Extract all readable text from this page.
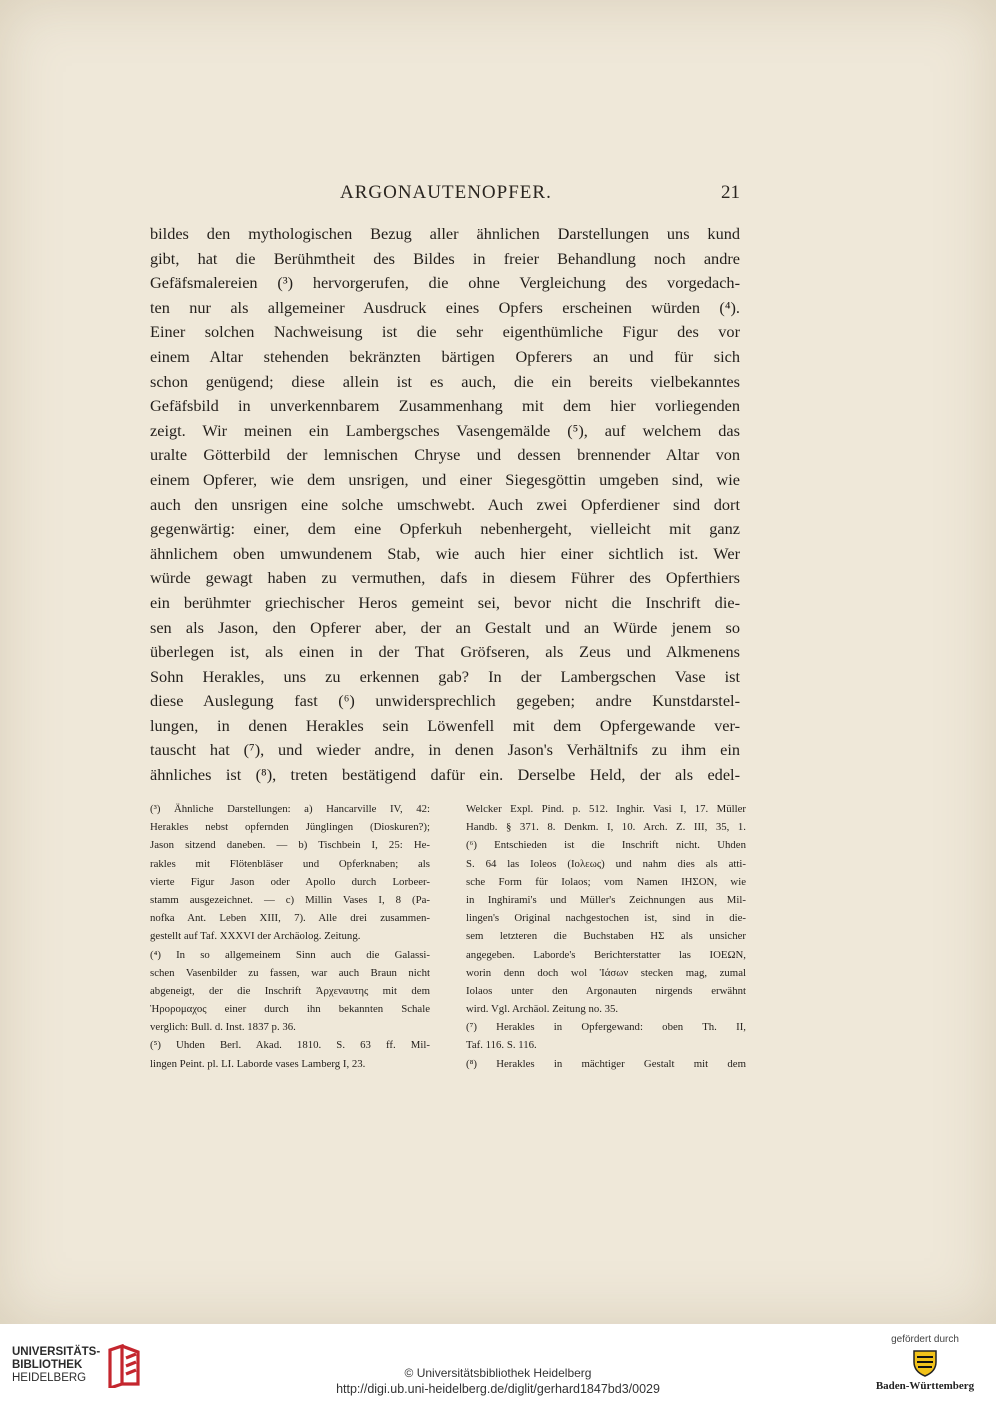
ARGONAUTENOPFER.	21
bildes den mythologischen Bezug aller ähnlichen Darstellungen uns kund
gibt, hat die Berühmtheit des Bildes in freier Behandlung noch andre
Gefäfsmalereien (³) hervorgerufen, die ohne Vergleichung des vorgedach-
ten nur als allgemeiner Ausdruck eines Opfers erscheinen würden (⁴).
Einer solchen Nachweisung ist die sehr eigenthümliche Figur des vor
einem Altar stehenden bekränzten bärtigen Opferers an und für sich
schon genügend; diese allein ist es auch, die ein bereits vielbekanntes
Gefäfsbild in unverkennbarem Zusammenhang mit dem hier vorliegenden
zeigt. Wir meinen ein Lambergsches Vasengemälde (⁵), auf welchem das
uralte Götterbild der lemnischen Chryse und dessen brennender Altar von
einem Opferer, wie dem unsrigen, und einer Siegesgöttin umgeben sind, wie
auch den unsrigen eine solche umschwebt. Auch zwei Opferdiener sind dort
gegenwärtig: einer, dem eine Opferkuh nebenhergeht, vielleicht mit ganz
ähnlichem oben umwundenem Stab, wie auch hier einer sichtlich ist. Wer
würde gewagt haben zu vermuthen, dafs in diesem Führer des Opferthiers
ein berühmter griechischer Heros gemeint sei, bevor nicht die Inschrift die-
sen als Jason, den Opferer aber, der an Gestalt und an Würde jenem so
überlegen ist, als einen in der That Gröfseren, als Zeus und Alkmenens
Sohn Herakles, uns zu erkennen gab? In der Lambergschen Vase ist
diese Auslegung fast (⁶) unwidersprechlich gegeben; andre Kunstdarstel-
lungen, in denen Herakles sein Löwenfell mit dem Opfergewande ver-
tauscht hat (⁷), und wieder andre, in denen Jason's Verhältnifs zu ihm ein
ähnliches ist (⁸), treten bestätigend dafür ein. Derselbe Held, der als edel-
(³) Ähnliche Darstellungen: a) Hancarville IV, 42:
Herakles nebst opfernden Jünglingen (Dioskuren?);
Jason sitzend daneben. — b) Tischbein I, 25: He-
rakles mit Flötenbläser und Opferknaben; als
vierte Figur Jason oder Apollo durch Lorbeer-
stamm ausgezeichnet. — c) Millin Vases I, 8 (Pa-
nofka Ant. Leben XIII, 7). Alle drei zusammen-
gestellt auf Taf. XXXVI der Archäolog. Zeitung.
(⁴) In so allgemeinem Sinn auch die Galassi-
schen Vasenbilder zu fassen, war auch Braun nicht
abgeneigt, der die Inschrift Ἀρχεναυτης mit dem
Ἡρορομαχος einer durch ihn bekannten Schale
verglich: Bull. d. Inst. 1837 p. 36.
(⁵) Uhden Berl. Akad. 1810. S. 63 ff. Mil-
lingen Peint. pl. LI. Laborde vases Lamberg I, 23.
Welcker Expl. Pind. p. 512. Inghir. Vasi I, 17. Müller
Handb. § 371. 8. Denkm. I, 10. Arch. Z. III, 35, 1.
(⁶) Entschieden ist die Inschrift nicht. Uhden
S. 64 las Ioleos (Ιολεως) und nahm dies als atti-
sche Form für Iolaos; vom Namen ΙΗΣΟΝ, wie
in Inghirami's und Müller's Zeichnungen aus Mil-
lingen's Original nachgestochen ist, sind in die-
sem letzteren die Buchstaben ΗΣ als unsicher
angegeben. Laborde's Berichterstatter las ΙΟΕΩΝ,
worin denn doch wol Ἰάσων stecken mag, zumal
Iolaos unter den Argonauten nirgends erwähnt
wird. Vgl. Archäol. Zeitung no. 35.
(⁷) Herakles in Opfergewand: oben Th. II,
Taf. 116. S. 116.
(⁸) Herakles in mächtiger Gestalt mit dem
UNIVERSITÄTS-
BIBLIOTHEK
HEIDELBERG	© Universitätsbibliothek Heidelberg
http://digi.ub.uni-heidelberg.de/diglit/gerhard1847bd3/0029
gefördert durch
Baden-Württemberg
